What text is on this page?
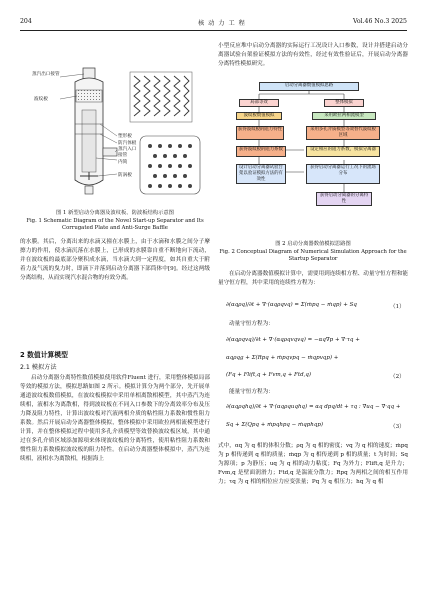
204	核 动 力 工 程	Vol.46 No.3 2025
蒸汽出口接管
波纹板
塑形板
防汽体板
蒸汽入口接管
内筒
防涡板

图 1 新型启动分离器及波纹板、防波板结构示意图

Fig. 1 Schematic Diagram of the Novel Start-up Separator and Its Corrugated Plate and Anti-Surge Baffle

的水膜。其后，分离出来的水滴又撞在水膜上，由于水滴和水膜之间分子摩擦力的作用，使水滴沉落在水膜上，已形成的水膜靠自重不断地向下流动，并在波纹板的最底部分聚积成水滴，当水滴大到一定程度，如其自重大于附着力及气流的曳力时，即滴下并落到启动分离器下部筒体中[9]。经过这两级分离结构，从而实现汽水混合物的有效分离。

2 数值计算模型

2.1 模拟方法

启动分离器分离特性数值模拟使用软件Fluent 进行，采用整体模拟局部等效的模拟方法，模拟思路如图 2 所示。模拟计算分为两个部分，先开展单通道波纹板数值模拟，在波纹板模拟中采用单相离散相模型，其中蒸汽为连续相，液相水为离散相，得到波纹板在不同入口参数下的分离效率分布及压力降及阻力特性，计算出波纹板对汽液两相介质的粘性阻力系数和惯性阻力系数。然后开展启动分离器整体模拟，整体模拟中采用欧拉两相流模型进行计算，并在整体模拟过程中使用多孔介质模型等效替换波纹板区域，其中通过在多孔介质区域添加源项来体现波纹板的分离特性，使用粘性阻力系数和惯性阻力系数模拟波纹板的阻力特性。在启动分离器整体模拟中，蒸汽为连续相，液相水为离散相，根据海上

小型反应堆中启动分离器的实际运行工况设计入口参数，设计并搭建启动分离器试验台架验证模拟方法的有效性，经过有效性验证后，开展启动分离器分离特性模拟研究。

启动分离器数值模拟思路
局部等效	整体模拟
波纹板数值模拟	采用欧拉两相流模型
获得波纹板的阻力特性	采用多孔介质模型等效替代波纹板区域
获得波纹板的阻力系数	设定相应的阻力系数，模拟分离器
设计启动分离器试验台架以验证模拟方法的有效性
获得启动分离器运行工况下的流场分布
获得启动分离器的分离特性

图 2 启动分离器数值模拟思路图

Fig. 2 Conceptual Diagram of Numerical Simulation Approach for the Startup Separator

在启动分离器数值模拟计算中，需要用到连续相方程、动量守恒方程和能量守恒方程，其中采用的连续性方程为：

∂(αqρq)/∂t + ∇·(αqρqvq) = Σ(ṁpq − ṁqp) + Sq	（1）

动量守恒方程为：

∂(αqρqvq)/∂t + ∇·(αqρqvqvq) = −αq∇p + ∇·τq +
αqρqg + Σ(Rpq + ṁpqvpq − ṁqpvqp) +
(Fq + Flift,q + Fvm,q + Ftd,q)	（2）

能量守恒方程为：

∂(αqρqhq)/∂t + ∇·(αqρquqhq) = αq dpq/dt + τq : ∇uq − ∇·qq +
Sq + Σ(Qpq + ṁpqhpq − ṁqphqp)	（3）

式中，αq 为 q 相的体积分数；ρq 为 q 相的密度；vq 为 q 相的速度；ṁpq 为 p 相传递到 q 相的质量；ṁqp 为 q 相传递到 p 相的质量；t 为时间；Sq 为源项；p 为静压；uq 为 q 相的动力粘度；Fq 为外力；Flift,q 是升力；Fvm,q 是壁面润滑力；Ftd,q 是湍流分散力；Rpq 为两相之间的相互作用力；τq 为 q 相的相位应力应变张量；Pq 为 q 相压力；hq 为 q 相
